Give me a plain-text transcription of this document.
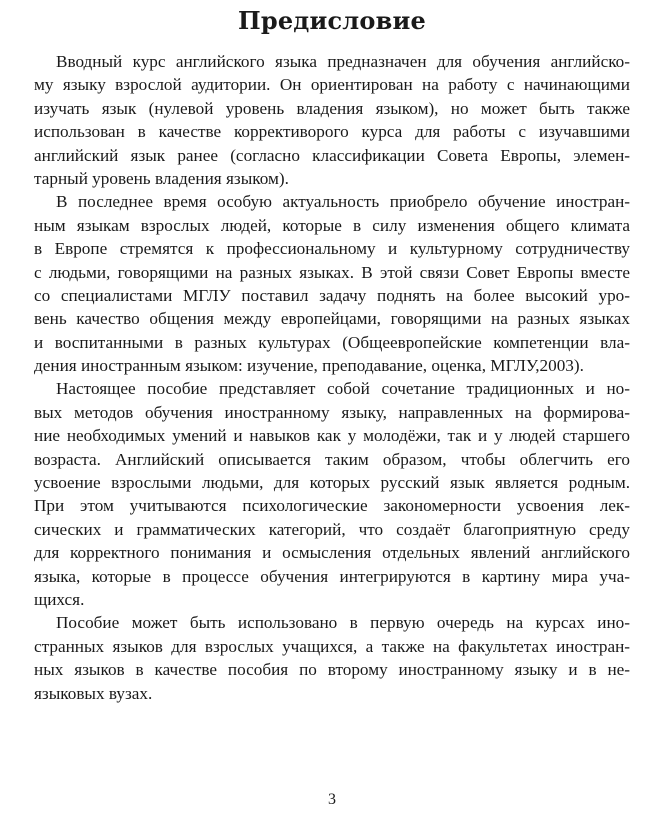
Предисловие
Вводный курс английского языка предназначен для обучения английско-
му языку взрослой аудитории. Он ориентирован на работу с начинающими
изучать язык (нулевой уровень владения языком), но может быть также
использован в качестве коррективорого курса для работы с изучавшими
английский язык ранее (согласно классификации Совета Европы, элемен-
тарный уровень владения языком).
В последнее время особую актуальность приобрело обучение иностран-
ным языкам взрослых людей, которые в силу изменения общего климата
в Европе стремятся к профессиональному и культурному сотрудничеству
с людьми, говорящими на разных языках. В этой связи Совет Европы вместе
со специалистами МГЛУ поставил задачу поднять на более высокий уро-
вень качество общения между европейцами, говорящими на разных языках
и воспитанными в разных культурах (Общеевропейские компетенции вла-
дения иностранным языком: изучение, преподавание, оценка, МГЛУ,2003).
Настоящее пособие представляет собой сочетание традиционных и но-
вых методов обучения иностранному языку, направленных на формирова-
ние необходимых умений и навыков как у молодёжи, так и у людей старшего
возраста. Английский описывается таким образом, чтобы облегчить его
усвоение взрослыми людьми, для которых русский язык является родным.
При этом учитываются психологические закономерности усвоения лек-
сических и грамматических категорий, что создаёт благоприятную среду
для корректного понимания и осмысления отдельных явлений английского
языка, которые в процессе обучения интегрируются в картину мира уча-
щихся.
Пособие может быть использовано в первую очередь на курсах ино-
странных языков для взрослых учащихся, а также на факультетах иностран-
ных языков в качестве пособия по второму иностранному языку и в не-
языковых вузах.
3
